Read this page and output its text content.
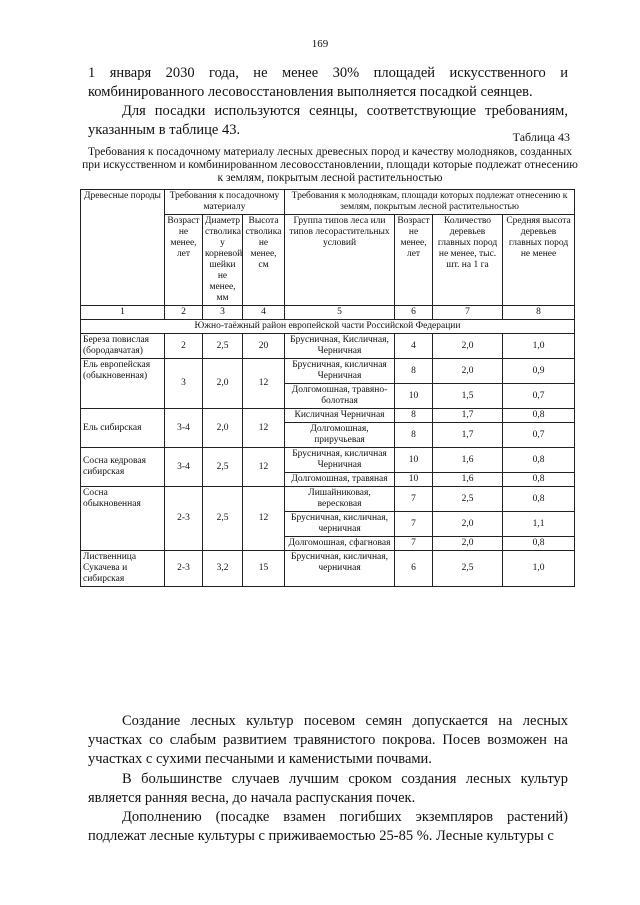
169

1 января 2030 года, не менее 30% площадей искусственного и комбинированного лесовосстановления выполняется посадкой сеянцев.

Для посадки используются сеянцы, соответствующие требованиям, указанным в таблице 43.	Таблица 43
Требования к посадочному материалу лесных древесных пород и качеству молодняков, созданных при искусственном и комбинированном лесовосстановлении, площади которые подлежат отнесению к землям, покрытым лесной растительностью
Древесные породы	Требования к посадочному материалу			Требования к молоднякам, площади которых подлежат отнесению к землям, покрытым лесной растительностью			
	Возраст не менее, лет	Диаметр стволика у корневой шейки не менее, мм	Высота стволика не менее, см	Группа типов леса или типов лесорастительных условий	Возраст не менее, лет	Количество деревьев главных пород не менее, тыс. шт. на 1 га	Средняя высота деревьев главных пород не менее
1	2	3	4	5	6	7	8
Южно-таёжный район европейской части Российской Федерации							
Береза повислая (бородавчатая)	2	2,5	20	Брусничная, Кисличная, Черничная	4	2,0	1,0
Ель европейская (обыкновенная)	3	2,0	12	Брусничная, кисличная Черничная	8	2,0	0,9
				Долгомошная, травяно-болотная	10	1,5	0,7
Ель сибирская	3-4	2,0	12	Кисличная Черничная	8	1,7	0,8
				Долгомошная, приручьевая	8	1,7	0,7
Сосна кедровая сибирская	3-4	2,5	12	Брусничная, кисличная Черничная	10	1,6	0,8
				Долгомошная, травяная	10	1,6	0,8
Сосна обыкновенная	2-3	2,5	12	Лишайниковая, вересковая	7	2,5	0,8
				Брусничная, кисличная, черничная	7	2,0	1,1
				Долгомошная, сфагновая	7	2,0	0,8
Лиственница Сукачева и сибирская	2-3	3,2	15	Брусничная, кисличная, черничная	6	2,5	1,0

Создание лесных культур посевом семян допускается на лесных участках со слабым развитием травянистого покрова. Посев возможен на участках с сухими песчаными и каменистыми почвами.

В большинстве случаев лучшим сроком создания лесных культур является ранняя весна, до начала распускания почек.

Дополнению (посадке взамен погибших экземпляров растений) подлежат лесные культуры с приживаемостью 25-85 %. Лесные культуры с
